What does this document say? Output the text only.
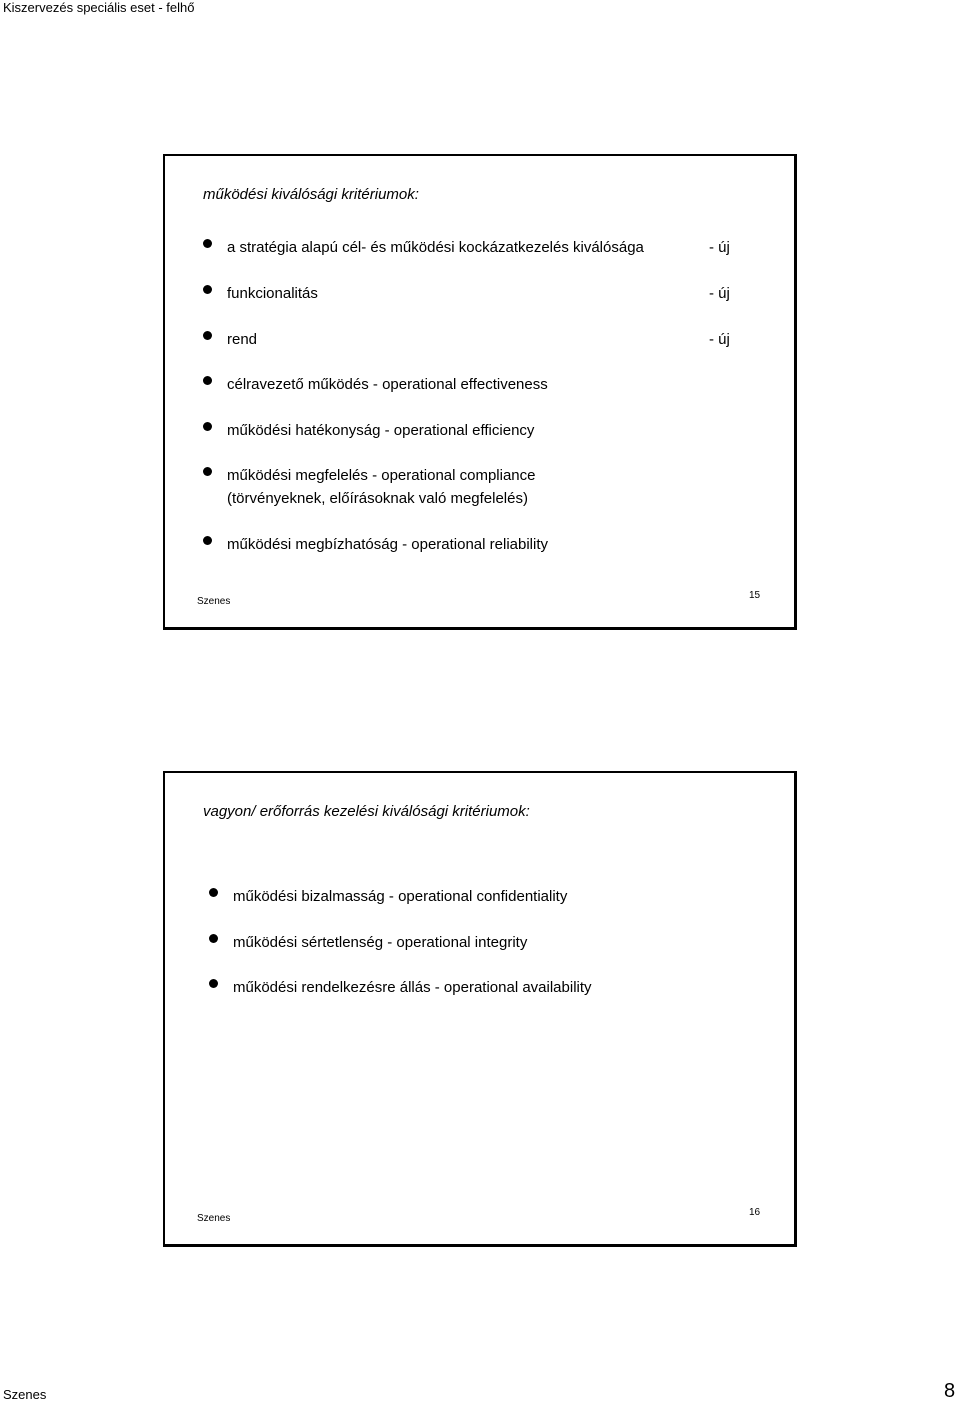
Kiszervezés speciális eset - felhő
működési kiválósági kritériumok:
a stratégia alapú cél- és működési kockázatkezelés kiválósága	- új
funkcionalitás	- új
rend	- új
célravezető működés - operational effectiveness
működési hatékonyság - operational efficiency
működési megfelelés - operational compliance
(törvényeknek, előírásoknak való megfelelés)
működési megbízhatóság - operational reliability
Szenes
15
vagyon/ erőforrás kezelési kiválósági kritériumok:
működési bizalmasság - operational confidentiality
működési sértetlenség - operational integrity
működési rendelkezésre állás - operational availability
Szenes
16
Szenes	8
